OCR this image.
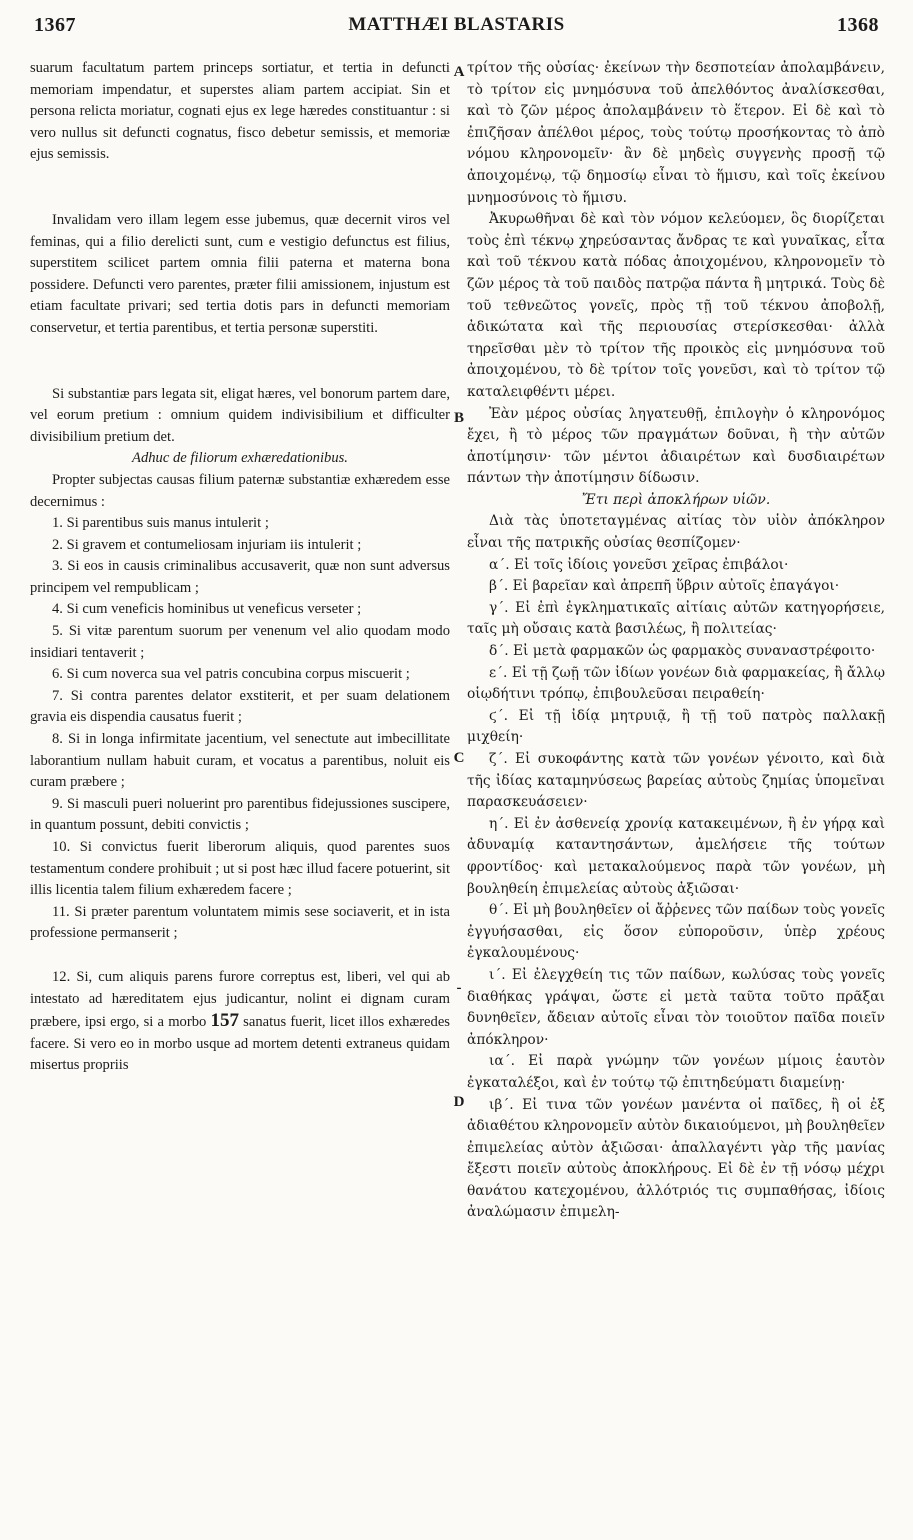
1367	MATTHÆI BLASTARIS	1368

suarum facultatum partem princeps sortiatur, et tertia in defuncti memoriam impendatur, et superstes aliam partem accipiat. Sin et persona relicta moriatur, cognati ejus ex lege hæredes constituantur : si vero nullus sit defuncti cognatus, fisco debetur semissis, et memoriæ ejus semissis.

Invalidam vero illam legem esse jubemus, quæ decernit viros vel feminas, qui a filio derelicti sunt, cum e vestigio defunctus est filius, superstitem scilicet partem omnia filii paterna et materna bona possidere. Defuncti vero parentes, præter filii amissionem, injustum est etiam facultate privari; sed tertia dotis pars in defuncti memoriam conservetur, et tertia parentibus, et tertia personæ superstiti.

Si substantiæ pars legata sit, eligat hæres, vel bonorum partem dare, vel eorum pretium : omnium quidem indivisibilium et difficulter divisibilium pretium det.

Adhuc de filiorum exhæredationibus.

Propter subjectas causas filium paternæ substantiæ exhæredem esse decernimus :

1. Si parentibus suis manus intulerit ;

2. Si gravem et contumeliosam injuriam iis intulerit ;

3. Si eos in causis criminalibus accusaverit, quæ non sunt adversus principem vel rempublicam ;

4. Si cum veneficis hominibus ut veneficus verseter ;

5. Si vitæ parentum suorum per venenum vel alio quodam modo insidiari tentaverit ;

6. Si cum noverca sua vel patris concubina corpus miscuerit ;

7. Si contra parentes delator exstiterit, et per suam delationem gravia eis dispendia causatus fuerit ;

8. Si in longa infirmitate jacentium, vel senectute aut imbecillitate laborantium nullam habuit curam, et vocatus a parentibus, noluit eis curam præbere ;

9. Si masculi pueri noluerint pro parentibus fidejussiones suscipere, in quantum possunt, debiti convictis ;

10. Si convictus fuerit liberorum aliquis, quod parentes suos testamentum condere prohibuit ; ut si post hæc illud facere potuerint, sit illis licentia talem filium exhæredem facere ;

11. Si præter parentum voluntatem mimis sese sociaverit, et in ista professione permanserit ;

12. Si, cum aliquis parens furore correptus est, liberi, vel qui ab intestato ad hæreditatem ejus judicantur, nolint ei dignam curam præbere, ipsi ergo, si a morbo 157 sanatus fuerit, licet illos exhæredes facere. Si vero eo in morbo usque ad mortem detenti extraneus quidam misertus propriis

A
B
C
-
D

τρίτον τῆς οὐσίας· ἐκείνων τὴν δεσποτείαν ἀπολαμβάνειν, τὸ τρίτον εἰς μνημόσυνα τοῦ ἀπελθόντος ἀναλίσκεσθαι, καὶ τὸ ζῶν μέρος ἀπολαμβάνειν τὸ ἕτερον. Εἰ δὲ καὶ τὸ ἐπιζῆσαν ἀπέλθοι μέρος, τοὺς τούτῳ προσήκοντας τὸ ἀπὸ νόμου κληρονομεῖν· ἂν δὲ μηδεὶς συγγενὴς προσῇ τῷ ἀποιχομένῳ, τῷ δημοσίῳ εἶναι τὸ ἥμισυ, καὶ τοῖς ἐκείνου μνημοσύνοις τὸ ἥμισυ.

Ἀκυρωθῆναι δὲ καὶ τὸν νόμον κελεύομεν, ὃς διορίζεται τοὺς ἐπὶ τέκνῳ χηρεύσαντας ἄνδρας τε καὶ γυναῖκας, εἶτα καὶ τοῦ τέκνου κατὰ πόδας ἀποιχομένου, κληρονομεῖν τὸ ζῶν μέρος τὰ τοῦ παιδὸς πατρῷα πάντα ἢ μητρικά. Τοὺς δὲ τοῦ τεθνεῶτος γονεῖς, πρὸς τῇ τοῦ τέκνου ἀποβολῇ, ἀδικώτατα καὶ τῆς περιουσίας στερίσκεσθαι· ἀλλὰ τηρεῖσθαι μὲν τὸ τρίτον τῆς προικὸς εἰς μνημόσυνα τοῦ ἀποιχομένου, τὸ δὲ τρίτον τοῖς γονεῦσι, καὶ τὸ τρίτον τῷ καταλειφθέντι μέρει.

Ἐὰν μέρος οὐσίας ληγατευθῇ, ἐπιλογὴν ὁ κληρονόμος ἔχει, ἢ τὸ μέρος τῶν πραγμάτων δοῦναι, ἢ τὴν αὐτῶν ἀποτίμησιν· τῶν μέντοι ἀδιαιρέτων καὶ δυσδιαιρέτων πάντων τὴν ἀποτίμησιν δίδωσιν.

Ἔτι περὶ ἀποκλήρων υἱῶν.

Διὰ τὰς ὑποτεταγμένας αἰτίας τὸν υἱὸν ἀπόκληρον εἶναι τῆς πατρικῆς οὐσίας θεσπίζομεν·

α΄. Εἰ τοῖς ἰδίοις γονεῦσι χεῖρας ἐπιβάλοι·

β΄. Εἰ βαρεῖαν καὶ ἀπρεπῆ ὕβριν αὐτοῖς ἐπαγάγοι·

γ΄. Εἰ ἐπὶ ἐγκληματικαῖς αἰτίαις αὐτῶν κατηγορήσειε, ταῖς μὴ οὔσαις κατὰ βασιλέως, ἢ πολιτείας·

δ΄. Εἰ μετὰ φαρμακῶν ὡς φαρμακὸς συναναστρέφοιτο·

ε΄. Εἰ τῇ ζωῇ τῶν ἰδίων γονέων διὰ φαρμακείας, ἢ ἄλλῳ οἱῳδήτινι τρόπῳ, ἐπιβουλεῦσαι πειραθείη·

ϛ΄. Εἰ τῇ ἰδίᾳ μητρυιᾷ, ἢ τῇ τοῦ πατρὸς παλλακῇ μιχθείη·

ζ΄. Εἰ συκοφάντης κατὰ τῶν γονέων γένοιτο, καὶ διὰ τῆς ἰδίας καταμηνύσεως βαρείας αὐτοὺς ζημίας ὑπομεῖναι παρασκευάσειεν·

η΄. Εἰ ἐν ἀσθενείᾳ χρονίᾳ κατακειμένων, ἢ ἐν γήρᾳ καὶ ἀδυναμίᾳ καταντησάντων, ἀμελήσειε τῆς τούτων φροντίδος· καὶ μετακαλούμενος παρὰ τῶν γονέων, μὴ βουληθείη ἐπιμελείας αὐτοὺς ἀξιῶσαι·

θ΄. Εἰ μὴ βουληθεῖεν οἱ ἄῤῥενες τῶν παίδων τοὺς γονεῖς ἐγγυήσασθαι, εἰς ὅσον εὐποροῦσιν, ὑπὲρ χρέους ἐγκαλουμένους·

ι΄. Εἰ ἐλεγχθείη τις τῶν παίδων, κωλύσας τοὺς γονεῖς διαθήκας γράψαι, ὥστε εἰ μετὰ ταῦτα τοῦτο πρᾶξαι δυνηθεῖεν, ἄδειαν αὐτοῖς εἶναι τὸν τοιοῦτον παῖδα ποιεῖν ἀπόκληρον·

ια΄. Εἰ παρὰ γνώμην τῶν γονέων μίμοις ἑαυτὸν ἐγκαταλέξοι, καὶ ἐν τούτῳ τῷ ἐπιτηδεύματι διαμείνῃ·

ιβ΄. Εἰ τινα τῶν γονέων μανέντα οἱ παῖδες, ἢ οἱ ἐξ ἀδιαθέτου κληρονομεῖν αὐτὸν δικαιούμενοι, μὴ βουληθεῖεν ἐπιμελείας αὐτὸν ἀξιῶσαι· ἀπαλλαγέντι γὰρ τῆς μανίας ἔξεστι ποιεῖν αὐτοὺς ἀποκλήρους. Εἰ δὲ ἐν τῇ νόσῳ μέχρι θανάτου κατεχομένου, ἀλλότριός τις συμπαθήσας, ἰδίοις ἀναλώμασιν ἐπιμελη-
